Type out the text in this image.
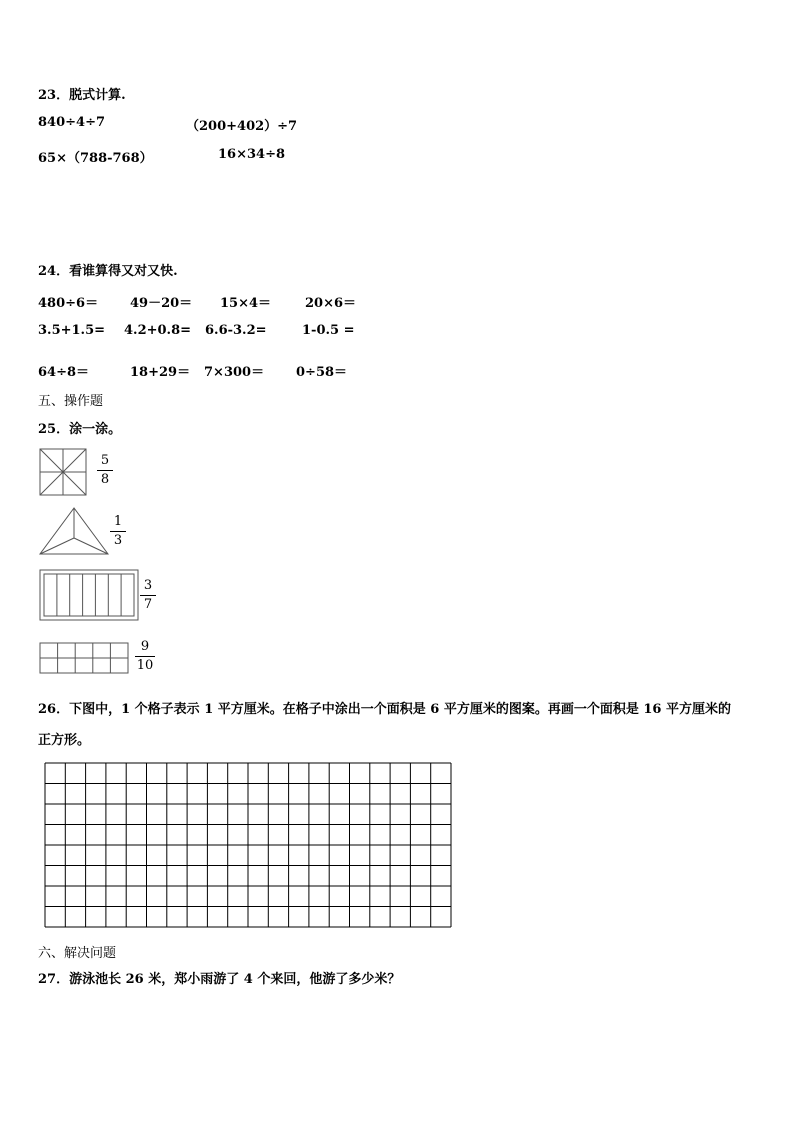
23．脱式计算.
840÷4÷7	（200+402）÷7
65×（788-768）	16×34÷8
24．看谁算得又对又快.
480÷6＝ 49－20＝ 15×4＝	20×6＝
3.5+1.5= 4.2+0.8= 6.6-3.2=	1-0.5 =
64÷8＝	18+29＝ 7×300＝ 0÷58＝
五、操作题
25．涂一涂。
5
8
1
3
3
7
9
10
26．下图中，1 个格子表示 1 平方厘米。在格子中涂出一个面积是 6 平方厘米的图案。再画一个面积是 16 平方厘米的
正方形。
六、解决问题
27．游泳池长 26 米，郑小雨游了 4 个来回，他游了多少米？
